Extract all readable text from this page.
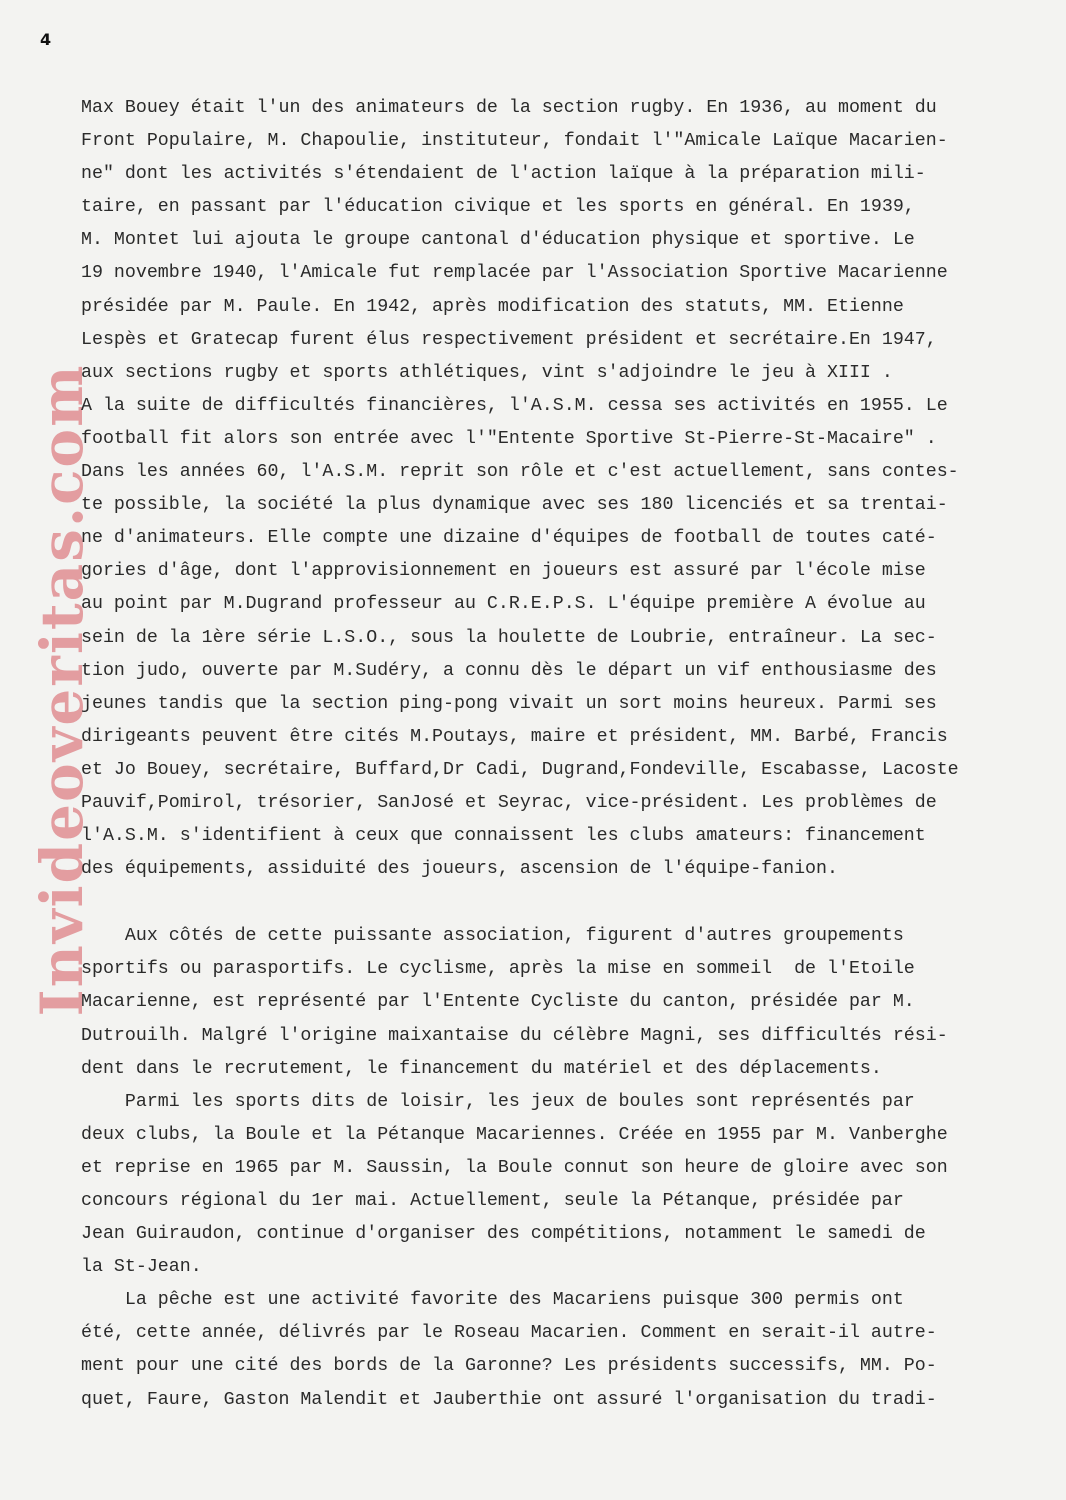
4
Invideoveritas.com
Max Bouey était l'un des animateurs de la section rugby. En 1936, au moment du
Front Populaire, M. Chapoulie, instituteur, fondait l'"Amicale Laïque Macarien-
ne" dont les activités s'étendaient de l'action laïque à la préparation mili-
taire, en passant par l'éducation civique et les sports en général. En 1939,
M. Montet lui ajouta le groupe cantonal d'éducation physique et sportive. Le
19 novembre 1940, l'Amicale fut remplacée par l'Association Sportive Macarienne
présidée par M. Paule. En 1942, après modification des statuts, MM. Etienne
Lespès et Gratecap furent élus respectivement président et secrétaire.En 1947,
aux sections rugby et sports athlétiques, vint s'adjoindre le jeu à XIII .
A la suite de difficultés financières, l'A.S.M. cessa ses activités en 1955. Le
football fit alors son entrée avec l'"Entente Sportive St-Pierre-St-Macaire" .
Dans les années 60, l'A.S.M. reprit son rôle et c'est actuellement, sans contes-
te possible, la société la plus dynamique avec ses 180 licenciés et sa trentai-
ne d'animateurs. Elle compte une dizaine d'équipes de football de toutes caté-
gories d'âge, dont l'approvisionnement en joueurs est assuré par l'école mise
au point par M.Dugrand professeur au C.R.E.P.S. L'équipe première A évolue au
sein de la 1ère série L.S.O., sous la houlette de Loubrie, entraîneur. La sec-
tion judo, ouverte par M.Sudéry, a connu dès le départ un vif enthousiasme des
jeunes tandis que la section ping-pong vivait un sort moins heureux. Parmi ses
dirigeants peuvent être cités M.Poutays, maire et président, MM. Barbé, Francis
et Jo Bouey, secrétaire, Buffard,Dr Cadi, Dugrand,Fondeville, Escabasse, Lacoste
Pauvif,Pomirol, trésorier, SanJosé et Seyrac, vice-président. Les problèmes de
l'A.S.M. s'identifient à ceux que connaissent les clubs amateurs: financement
des équipements, assiduité des joueurs, ascension de l'équipe-fanion.
Aux côtés de cette puissante association, figurent d'autres groupements
sportifs ou parasportifs. Le cyclisme, après la mise en sommeil  de l'Etoile
Macarienne, est représenté par l'Entente Cycliste du canton, présidée par M.
Dutrouilh. Malgré l'origine maixantaise du célèbre Magni, ses difficultés rési-
dent dans le recrutement, le financement du matériel et des déplacements.
Parmi les sports dits de loisir, les jeux de boules sont représentés par
deux clubs, la Boule et la Pétanque Macariennes. Créée en 1955 par M. Vanberghe
et reprise en 1965 par M. Saussin, la Boule connut son heure de gloire avec son
concours régional du 1er mai. Actuellement, seule la Pétanque, présidée par
Jean Guiraudon, continue d'organiser des compétitions, notamment le samedi de
la St-Jean.
La pêche est une activité favorite des Macariens puisque 300 permis ont
été, cette année, délivrés par le Roseau Macarien. Comment en serait-il autre-
ment pour une cité des bords de la Garonne? Les présidents successifs, MM. Po-
quet, Faure, Gaston Malendit et Jauberthie ont assuré l'organisation du tradi-
